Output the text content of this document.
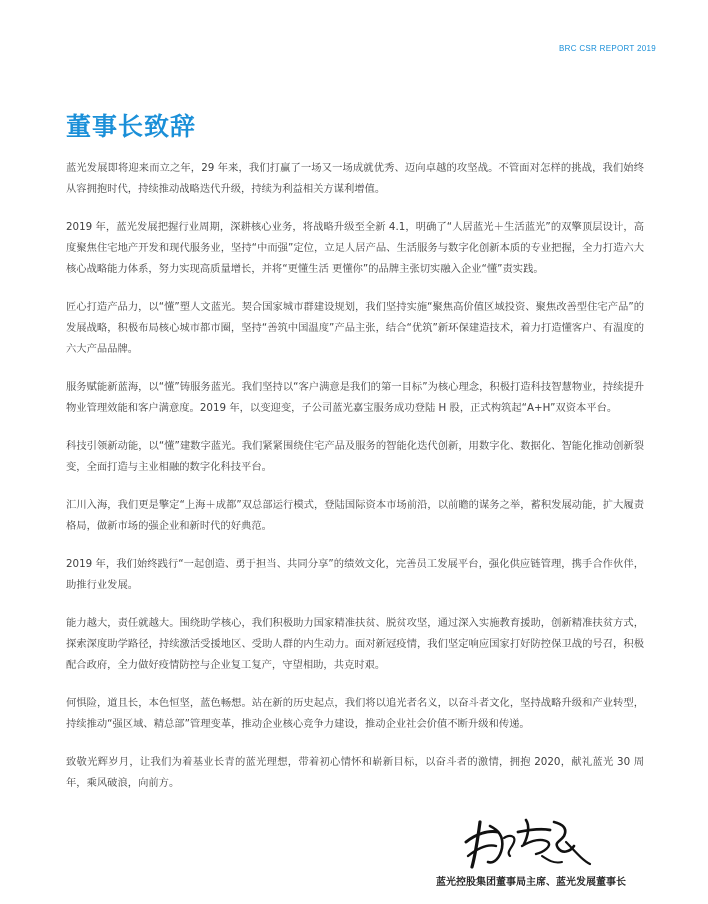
BRC CSR REPORT 2019
董事长致辞

蓝光发展即将迎来而立之年，29 年来，我们打赢了一场又一场成就优秀、迈向卓越的攻坚战。不管面对怎样的挑战，我们始终从容拥抱时代，持续推动战略迭代升级，持续为利益相关方谋利增值。

2019 年，蓝光发展把握行业周期，深耕核心业务，将战略升级至全新 4.1，明确了“人居蓝光＋生活蓝光”的双擎顶层设计，高度聚焦住宅地产开发和现代服务业，坚持“中而强”定位，立足人居产品、生活服务与数字化创新本质的专业把握，全力打造六大核心战略能力体系，努力实现高质量增长，并将“更懂生活 更懂你”的品牌主张切实融入企业“懂”责实践。

匠心打造产品力，以“懂”塑人文蓝光。契合国家城市群建设规划，我们坚持实施“聚焦高价值区域投资、聚焦改善型住宅产品”的发展战略，积极布局核心城市都市圈，坚持“善筑中国温度”产品主张，结合“优筑”新环保建造技术，着力打造懂客户、有温度的六大产品品牌。

服务赋能新蓝海，以“懂”铸服务蓝光。我们坚持以“客户满意是我们的第一目标”为核心理念，积极打造科技智慧物业，持续提升物业管理效能和客户满意度。2019 年，以变迎变，子公司蓝光嘉宝服务成功登陆 H 股，正式构筑起“A+H”双资本平台。

科技引领新动能，以“懂”建数字蓝光。我们紧紧围绕住宅产品及服务的智能化迭代创新，用数字化、数据化、智能化推动创新裂变，全面打造与主业相融的数字化科技平台。

汇川入海，我们更是擎定“上海＋成都”双总部运行模式，登陆国际资本市场前沿，以前瞻的谋务之举，蓄积发展动能，扩大履责格局，做新市场的强企业和新时代的好典范。

2019 年，我们始终践行“一起创造、勇于担当、共同分享”的绩效文化，完善员工发展平台，强化供应链管理，携手合作伙伴，助推行业发展。

能力越大，责任就越大。围绕助学核心，我们积极助力国家精准扶贫、脱贫攻坚，通过深入实施教育援助，创新精准扶贫方式，探索深度助学路径，持续激活受援地区、受助人群的内生动力。面对新冠疫情，我们坚定响应国家打好防控保卫战的号召，积极配合政府，全力做好疫情防控与企业复工复产，守望相助，共克时艰。

何惧险，道且长，本色恒坚，蓝色畅想。站在新的历史起点，我们将以追光者名义，以奋斗者文化，坚持战略升级和产业转型，持续推动“强区域、精总部”管理变革，推动企业核心竞争力建设，推动企业社会价值不断升级和传递。

致敬光辉岁月，让我们为着基业长青的蓝光理想，带着初心情怀和崭新目标，以奋斗者的激情，拥抱 2020，献礼蓝光 30 周年，乘风破浪，向前方。

蓝光控股集团董事局主席、蓝光发展董事长
